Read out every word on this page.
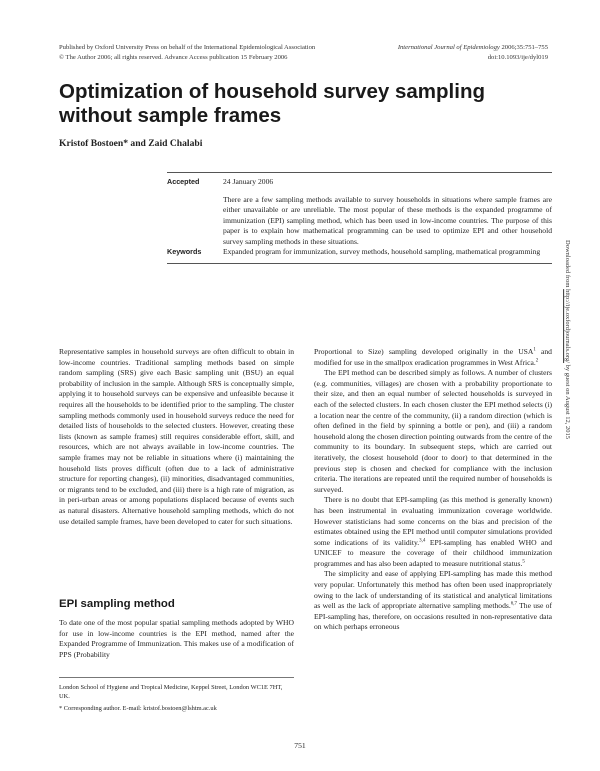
Published by Oxford University Press on behalf of the International Epidemiological Association
© The Author 2006; all rights reserved. Advance Access publication 15 February 2006
International Journal of Epidemiology 2006;35:751–755
doi:10.1093/ije/dyl019
Optimization of household survey sampling without sample frames
Kristof Bostoen* and Zaid Chalabi
Accepted	24 January 2006
There are a few sampling methods available to survey households in situations where sample frames are either unavailable or are unreliable. The most popular of these methods is the expanded programme of immunization (EPI) sampling method, which has been used in low-income countries. The purpose of this paper is to explain how mathematical programming can be used to optimize EPI and other household survey sampling methods in these situations.
Keywords	Expanded program for immunization, survey methods, household sampling, mathematical programming	Downloaded from http://ije.oxfordjournals.org/ by guest on August 12, 2015

Representative samples in household surveys are often difficult to obtain in low-income countries. Traditional sampling methods based on simple random sampling (SRS) give each Basic sampling unit (BSU) an equal probability of inclusion in the sample. Although SRS is conceptually simple, applying it to household surveys can be expensive and unfeasible because it requires all the households to be identified prior to the sampling. The cluster sampling methods commonly used in household surveys reduce the need for detailed lists of households to the selected clusters. However, creating these lists (known as sample frames) still requires considerable effort, skill, and resources, which are not always available in low-income countries. The sample frames may not be reliable in situations where (i) maintaining the household lists proves difficult (often due to a lack of administrative structure for reporting changes), (ii) minorities, disadvantaged communities, or migrants tend to be excluded, and (iii) there is a high rate of migration, as in peri-urban areas or among populations displaced because of events such as natural disasters. Alternative household sampling methods, which do not use detailed sample frames, have been developed to cater for such situations.

EPI sampling method

To date one of the most popular spatial sampling methods adopted by WHO for use in low-income countries is the EPI method, named after the Expanded Programme of Immunization. This makes use of a modification of PPS (Probability

Proportional to Size) sampling developed originally in the USA$^1$ and modified for use in the smallpox eradication programmes in West Africa.$^2$

The EPI method can be described simply as follows. A number of clusters (e.g. communities, villages) are chosen with a probability proportionate to their size, and then an equal number of selected households is surveyed in each of the selected clusters. In each chosen cluster the EPI method selects (i) a location near the centre of the community, (ii) a random direction (which is often defined in the field by spinning a bottle or pen), and (iii) a random household along the chosen direction pointing outwards from the centre of the community to its boundary. In subsequent steps, which are carried out iteratively, the closest household (door to door) to that determined in the previous step is chosen and checked for compliance with the inclusion criteria. The iterations are repeated until the required number of households is surveyed.

There is no doubt that EPI-sampling (as this method is generally known) has been instrumental in evaluating immunization coverage worldwide. However statisticians had some concerns on the bias and precision of the estimates obtained using the EPI method until computer simulations provided some indications of its validity.$^{3,4}$ EPI-sampling has enabled WHO and UNICEF to measure the coverage of their childhood immunization programmes and has also been adapted to measure nutritional status.$^5$

The simplicity and ease of applying EPI-sampling has made this method very popular. Unfortunately this method has often been used inappropriately owing to the lack of understanding of its statistical and analytical limitations as well as the lack of appropriate alternative sampling methods.$^{6,7}$ The use of EPI-sampling has, therefore, on occasions resulted in non-representative data on which perhaps erroneous

London School of Hygiene and Tropical Medicine, Keppel Street, London WC1E 7HT, UK.

* Corresponding author. E-mail: kristof.bostoen@lshtm.ac.uk

751
